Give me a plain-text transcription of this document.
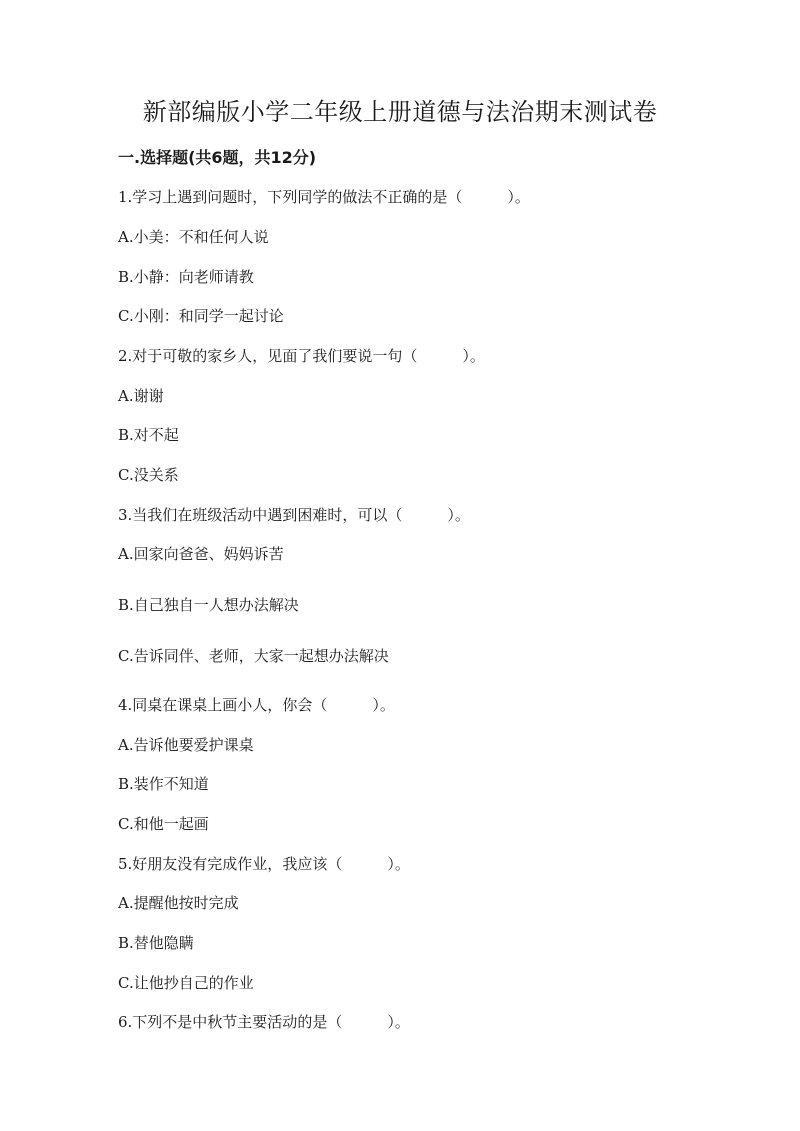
新部编版小学二年级上册道德与法治期末测试卷
一.选择题(共6题，共12分)
1.学习上遇到问题时，下列同学的做法不正确的是（　　　）。
A.小美：不和任何人说
B.小静：向老师请教
C.小刚：和同学一起讨论
2.对于可敬的家乡人，见面了我们要说一句（　　　）。
A.谢谢
B.对不起
C.没关系
3.当我们在班级活动中遇到困难时，可以（　　　）。
A.回家向爸爸、妈妈诉苦
B.自己独自一人想办法解决
C.告诉同伴、老师，大家一起想办法解决
4.同桌在课桌上画小人，你会（　　　）。
A.告诉他要爱护课桌
B.装作不知道
C.和他一起画
5.好朋友没有完成作业，我应该（　　　）。
A.提醒他按时完成
B.替他隐瞒
C.让他抄自己的作业
6.下列不是中秋节主要活动的是（　　　）。
